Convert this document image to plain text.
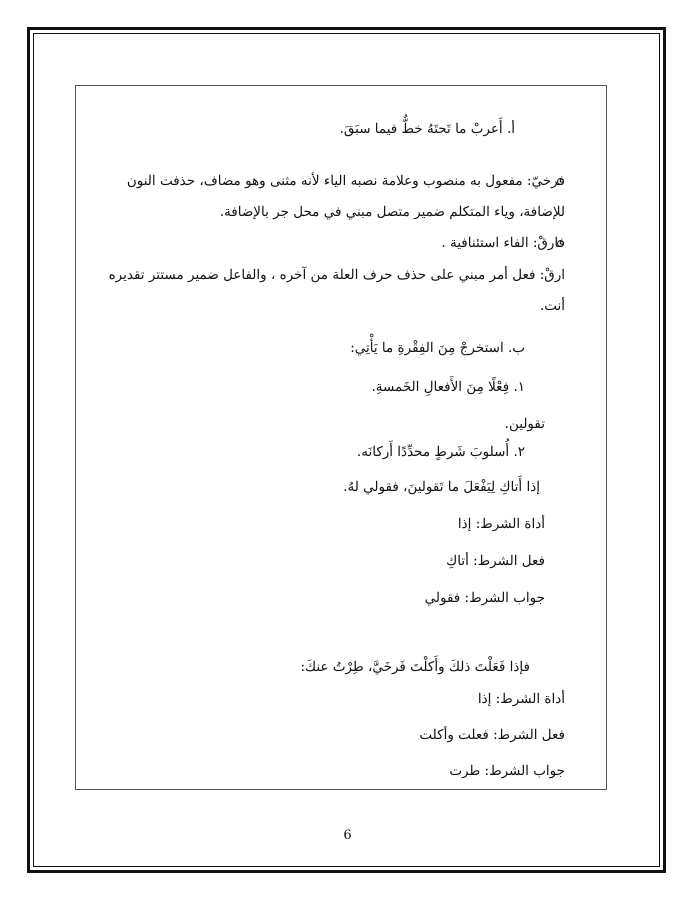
أ. أَعربْ ما تَحتَهُ خطٌّ فيما سبَقَ.
فرخيّ: مفعول به منصوب وعلامة نصبه الياء لأنه مثنى وهو مضاف، حذفت النون
للإضافة، وياء المتكلم ضمير متصل مبني في محل جر بالإضافة.
فارقْ: الفاء استئنافية .
ارقْ: فعل أمر مبني على حذف حرف العلة من آخره ، والفاعل ضمير مستتر تقديره
أنت.
ب. استخرجْ مِنَ الفِقْرةِ ما يَأْتِي:
١. فِعْلًا مِنَ الأَفعالِ الخَمسةِ.
تقولين.
٢. أُسلوبَ شَرطٍ محدِّدًا أَركانَه.
إذا أَتاكِ لِيَفْعَلَ ما تَقولينَ، فقولي لهُ.
أداة الشرط: إذا
فعل الشرط: أتاكِ
جواب الشرط: فقولي
فإذا فَعَلْتَ ذلكَ وأَكلْتَ فَرخَيَّ، طِرْتُ عنكَ:
أداة الشرط: إذا
فعل الشرط: فعلت وأكلت
جواب الشرط: طرت
6
